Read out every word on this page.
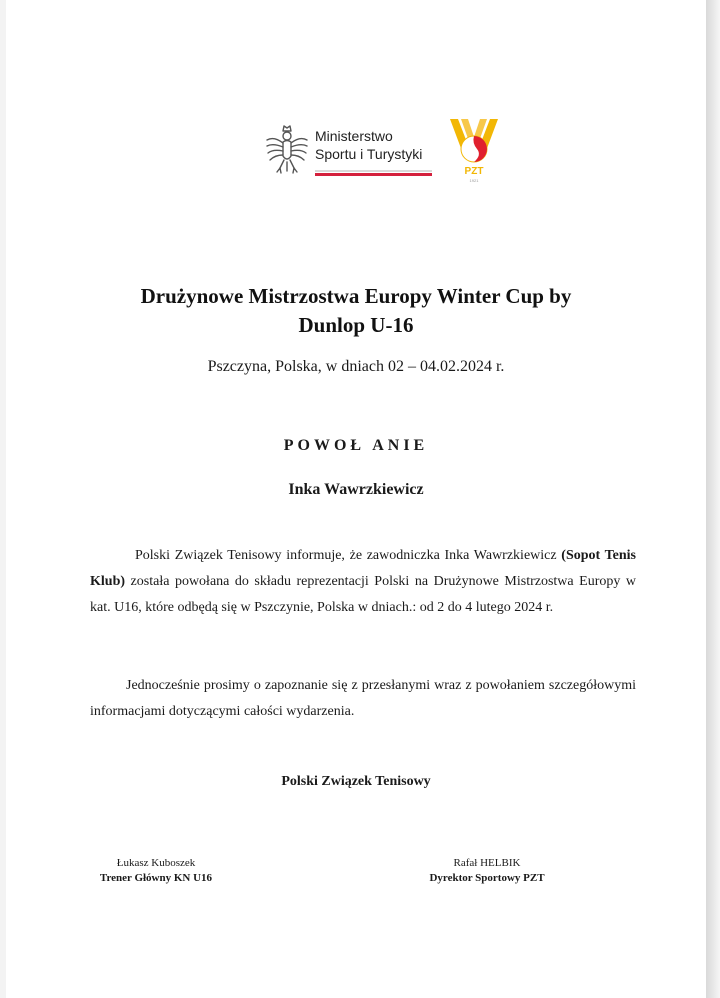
Ministerstwo
Sportu i Turystyki
PZT
1921
Drużynowe Mistrzostwa Europy Winter Cup by
Dunlop U-16
Pszczyna, Polska, w dniach 02 – 04.02.2024 r.
POWOŁ ANIE
Inka Wawrzkiewicz

Polski Związek Tenisowy informuje, że zawodniczka Inka Wawrzkiewicz (Sopot Tenis Klub) została powołana do składu reprezentacji Polski na Drużynowe Mistrzostwa Europy w kat. U16, które odbędą się w Pszczynie, Polska w dniach.: od 2 do 4 lutego 2024 r.

Jednocześnie prosimy o zapoznanie się z przesłanymi wraz z powołaniem szczegółowymi informacjami dotyczącymi całości wydarzenia.

Polski Związek Tenisowy
Łukasz Kuboszek
Trener Główny KN U16
Rafał HELBIK
Dyrektor Sportowy PZT
